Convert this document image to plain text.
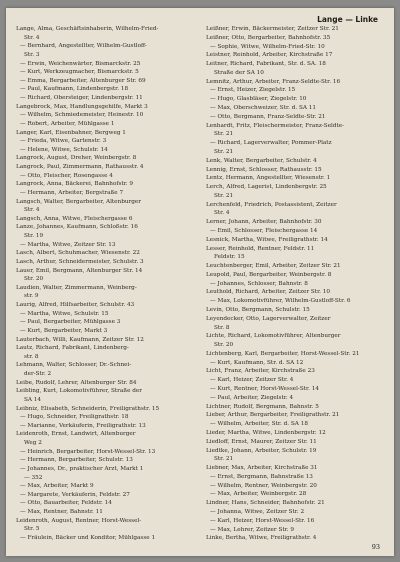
Lange — Linke
Lange, Alma, Geschäftsinhaberin, Wilhelm-Fried-
Str. 4
— Bernhard, Angestellter, Wilhelm-Gustloff-
Str. 3
— Erwin, Weichenwärter, Bismarckstr. 25
— Kurt, Werkzeugmacher, Bismarckstr. 5
— Emma, Bergarbeiter, Altenburger Str. 69
— Paul, Kaufmann, Lindenbergstr. 18
— Richard, Obersteiger, Lindenbergstr. 11
Langebrock, Max, Handlungsgehilfe, Markt 3
— Wilhelm, Schmiedemeister, Heinestr. 10
— Robert, Arbeiter, Mühlgasse 1
Langer, Karl, Eisenbahner, Bergweg 1
— Frieda, Witwe, Gartenstr. 3
— Helene, Witwe, Schulstr. 14
Langrock, August, Dreher, Weinbergstr. 8
Langrock, Paul, Zimmermann, Rathausstr. 4
— Otto, Fleischer, Rosengasse 4
Langrock, Anna, Bäckerei, Bahnhofstr. 9
— Hermann, Arbeiter, Bergstraße 7
Langsch, Walter, Bergarbeiter, Altenburger
Str. 4
Langsch, Anna, Witwe, Fleischergasse 6
Lanze, Johannes, Kaufmann, Schloßstr. 16
Str. 19
— Martha, Witwe, Zeitzer Str. 13
Lasch, Albert, Schuhmacher, Wiesenstr. 22
Lasch, Arthur, Schneidermeister, Schulstr. 3
Lauer, Emil, Bergmann, Altenburger Str. 14
Str. 20
Laudien, Walter, Zimmermann, Weinberg-
str. 9
Laurig, Alfred, Hilfsarbeiter, Schulstr. 43
— Martha, Witwe, Schulstr. 15
— Paul, Bergarbeiter, Mühlgasse 3
— Kurt, Bergarbeiter, Markt 3
Lauterbach, Willi, Kaufmann, Zeitzer Str. 12
Lautz, Richard, Fabrikant, Lindenberg-
str. 8
Lehmann, Walter, Schlosser, Dr.-Schnei-
der-Str. 2
Leibe, Rudolf, Lehrer, Altenburger Str. 84
Leibling, Kurt, Lokomotivführer, Straße der
SA 14
Leibniz, Elisabeth, Schneiderin, Freiligrathstr. 15
— Hugo, Schneider, Freiligrathstr. 18
— Marianne, Verkäuferin, Freiligrathstr. 13
Leidenroth, Ernst, Landwirt, Altenburger
Weg 2
— Heinrich, Bergarbeiter, Horst-Wessel-Str. 13
— Hermann, Bergarbeiter, Schulstr. 13
— Johannes, Dr., praktischer Arzt, Markt 1
— 352
— Max, Arbeiter, Markt 9
— Margarete, Verkäuferin, Feldstr. 27
— Otto, Bauarbeiter, Feldstr. 14
— Max, Rentner, Bahnstr. 11
Leidenroth, August, Rentner, Horst-Wessel-
Str. 5
— Fräulein, Bäcker und Konditor, Mühlgasse 1
Leißner, Erwin, Bäckermeister, Zeitzer Str. 21
Leißner, Otto, Bergarbeiter, Bahnhofstr. 35
— Sophie, Witwe, Wilhelm-Fried-Str. 10
Leistner, Reinhold, Arbeiter, Kirchstraße 17
Leitner, Richard, Fabrikant, Str. d. SA. 18
Straße der SA 10
Lemnitz, Arthur, Arbeiter, Franz-Seldte-Str. 16
— Ernst, Heizer, Ziegelstr. 15
— Hugo, Glasbläser, Ziegelstr. 10
— Max, Oberschweizer, Str. d. SA 11
— Otto, Bergmann, Franz-Seldte-Str. 21
Lenhardt, Fritz, Fleischermeister, Franz-Seldte-
Str. 21
— Richard, Lagerverwalter, Pommer-Platz
Str. 21
Lenk, Walter, Bergarbeiter, Schulstr. 4
Lennig, Ernst, Schlosser, Rathausstr. 15
Lentz, Hermann, Angestellter, Wiesenstr. 1
Lerch, Alfred, Lagerist, Lindenbergstr. 25
Str. 21
Lerchenfeld, Friedrich, Postassistent, Zeitzer
Str. 4
Lerner, Johann, Arbeiter, Bahnhofstr. 30
— Emil, Schlosser, Fleischergasse 14
Lesnick, Martha, Witwe, Freiligrathstr. 14
Lesser, Reinhold, Rentner, Feldstr. 11
Feldstr. 15
Leuchtenberger, Emil, Arbeiter, Zeitzer Str. 21
Leupold, Paul, Bergarbeiter, Weinbergstr. 8
— Johannes, Schlosser, Bahnstr. 8
Leuthold, Richard, Arbeiter, Zeitzer Str. 10
— Max, Lokomotivführer, Wilhelm-Gustloff-Str. 6
Levin, Otto, Bergmann, Schulstr. 15
Leyendecker, Otto, Lagerverwalter, Zeitzer
Str. 8
Lichte, Richard, Lokomotivführer, Altenburger
Str. 20
Lichtenberg, Karl, Bergarbeiter, Horst-Wessel-Str. 21
— Kurt, Kaufmann, Str. d. SA 12
Licht, Franz, Arbeiter, Kirchstraße 23
— Karl, Heizer, Zeitzer Str. 4
— Kurt, Rentner, Horst-Wessel-Str. 14
— Paul, Arbeiter, Ziegelstr. 4
Lichtner, Rudolf, Bergmann, Bahnstr. 5
Lieber, Arthur, Bergarbeiter, Freiligrathstr. 21
— Wilhelm, Arbeiter, Str. d. SA 18
Lieder, Martha, Witwe, Lindenbergstr. 12
Liedloff, Ernst, Maurer, Zeitzer Str. 11
Liedtke, Johann, Arbeiter, Schulstr. 19
Str. 21
Liebner, Max, Arbeiter, Kirchstraße 31
— Ernst, Bergmann, Bahnstraße 13
— Wilhelm, Rentner, Weinbergstr. 20
— Max, Arbeiter, Weinbergstr. 28
Lindner, Hans, Schneider, Bahnhofstr. 21
— Johanna, Witwe, Zeitzer Str. 2
— Karl, Heizer, Horst-Wessel-Str. 16
— Max, Lehrer, Zeitzer Str. 9
Linke, Bertha, Witwe, Freiligrathstr. 4
93
